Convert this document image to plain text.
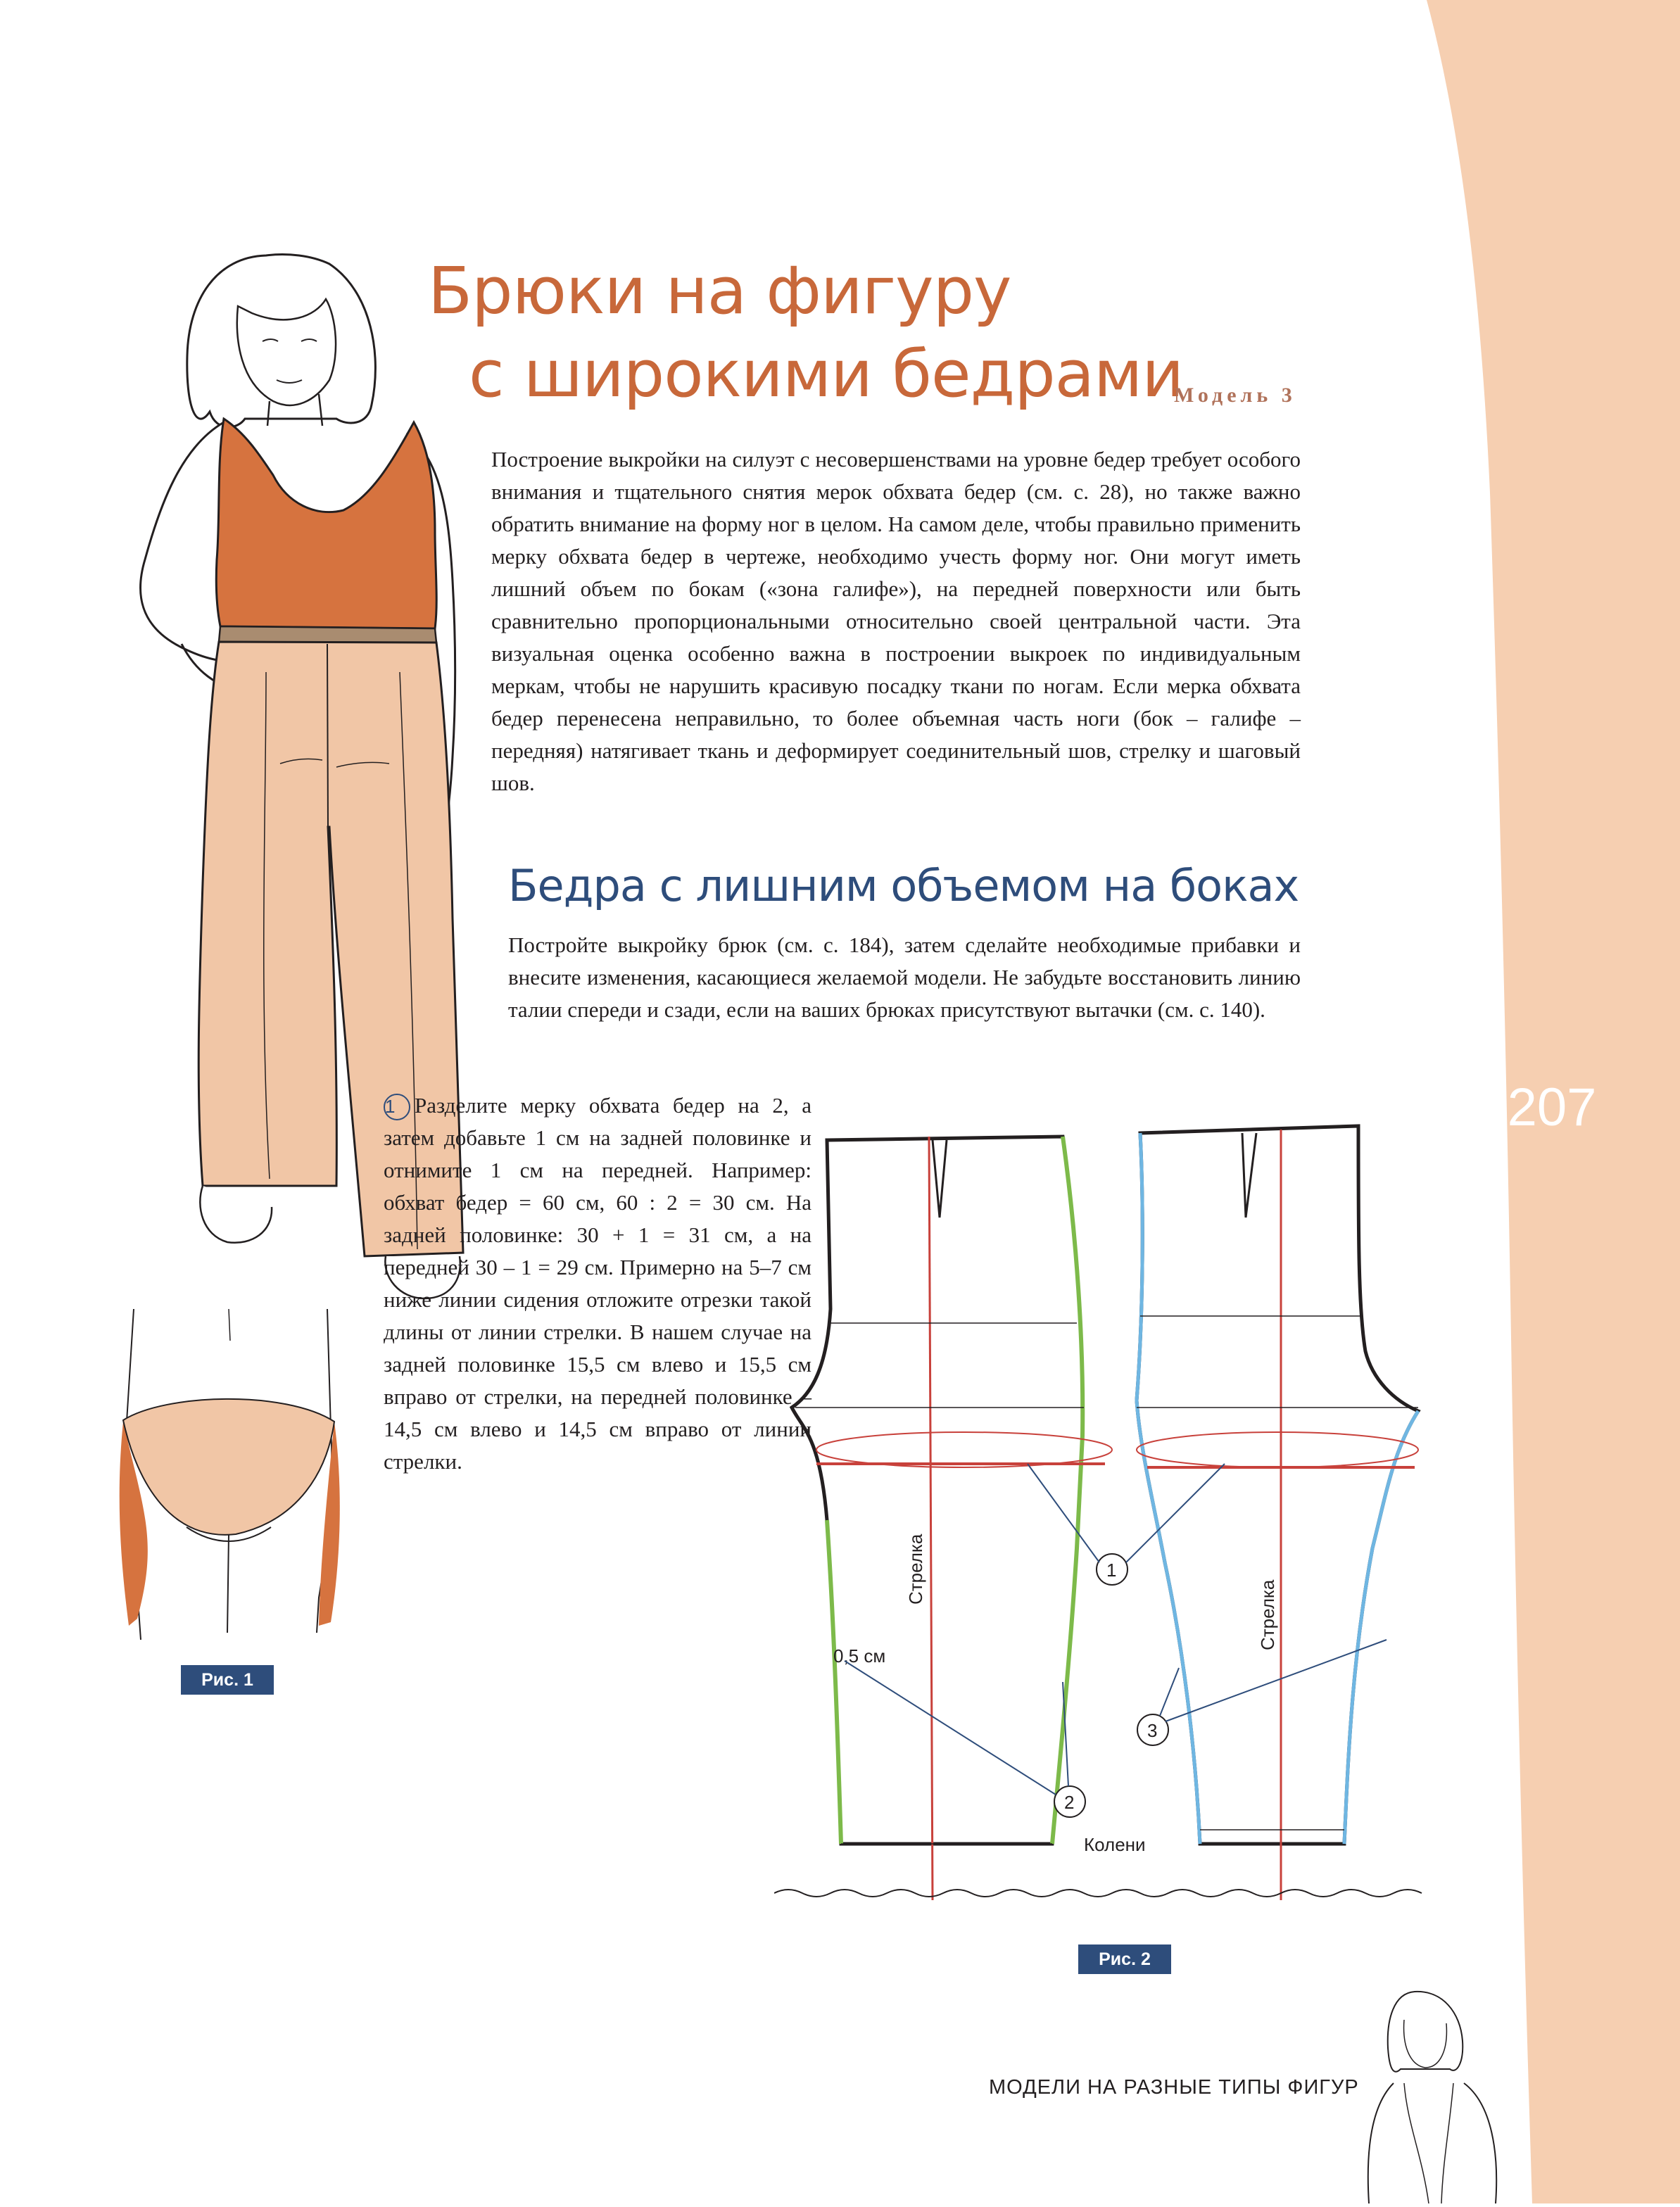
207
Брюки на фигуру
с широкими бедрами
Модель 3

Построение выкройки на силуэт с несовершенствами на уровне бедер требует особого внимания и тщательного снятия мерок обхвата бедер (см. с. 28), но также важно обратить внимание на форму ног в целом. На самом деле, чтобы правильно применить мерку обхвата бедер в чертеже, необходимо учесть форму ног. Они могут иметь лишний объем по бокам («зона галифе»), на передней поверхности или быть сравнительно пропорциональными относительно своей центральной части. Эта визуальная оценка особенно важна в построении выкроек по индивидуальным меркам, чтобы не нарушить красивую посадку ткани по ногам. Если мерка обхвата бедер перенесена неправильно, то более объемная часть ноги (бок – галифе – передняя) натягивает ткань и деформирует соединительный шов, стрелку и шаговый шов.

Бедра с лишним объемом на боках

Постройте выкройку брюк (см. с. 184), затем сделайте необходимые прибавки и внесите изменения, касающиеся желаемой модели. Не забудьте восстановить линию талии спереди и сзади, если на ваших брюках присутствуют вытачки (см. с. 140).

1 Разделите мерку обхвата бедер на 2, а затем добавьте 1 см на задней половинке и отнимите 1 см на передней. Например: обхват бедер = 60 см, 60 : 2 = 30 см. На задней половинке: 30 + 1 = 31 см, а на передней 30 – 1 = 29 см. Примерно на 5–7 см ниже линии сидения отложите отрезки такой длины от линии стрелки. В нашем случае на задней половинке 15,5 см влево и 15,5 см вправо от стрелки, на передней половинке – 14,5 см влево и 14,5 см вправо от линии стрелки.

Рис. 1
Стрелка
0,5 см
Колени
Стрелка
1
2
3
Рис. 2
МОДЕЛИ НА РАЗНЫЕ ТИПЫ ФИГУР
